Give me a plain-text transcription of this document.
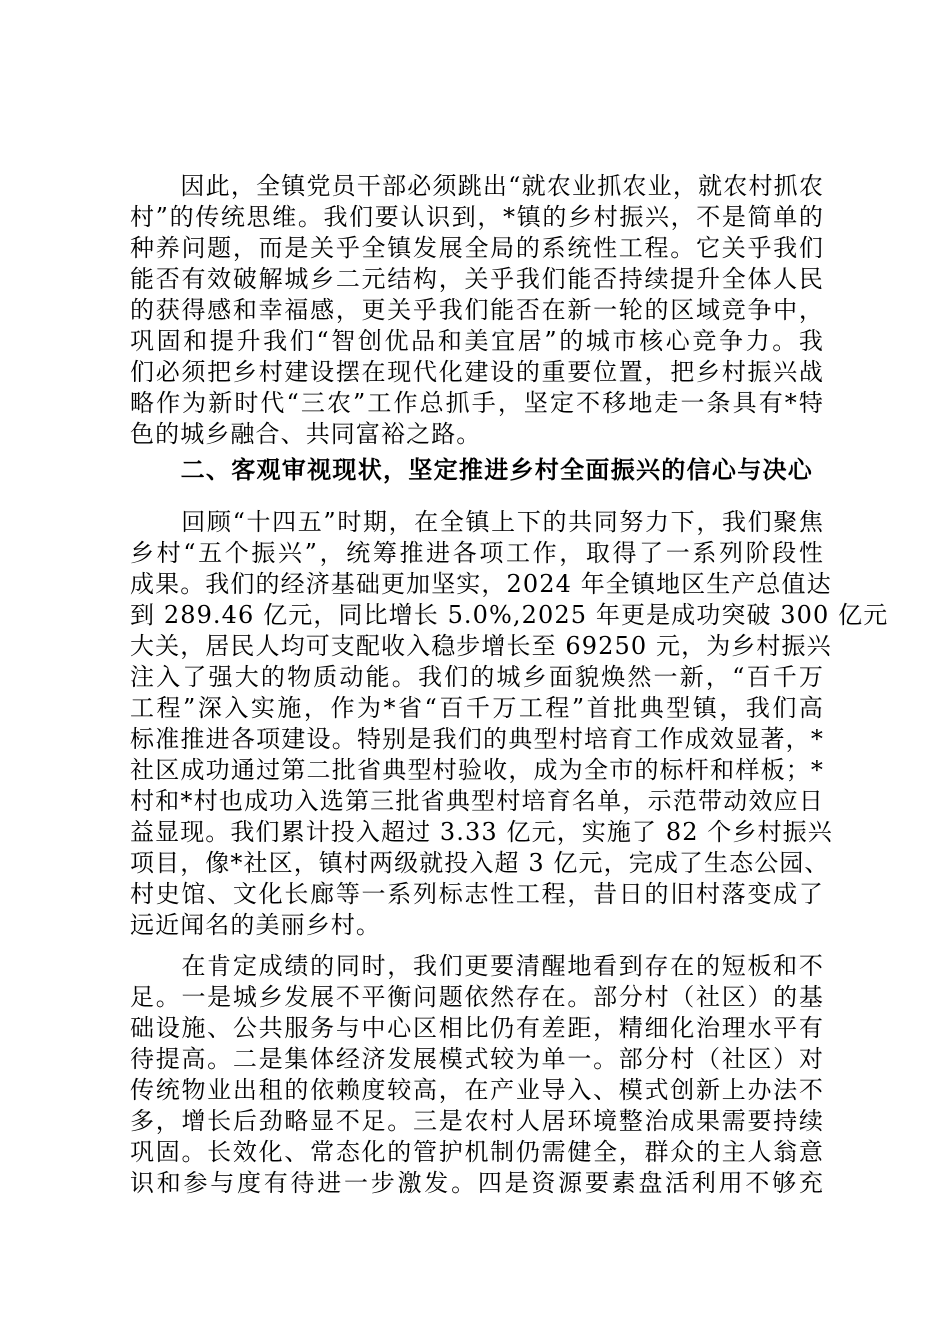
　　因此，全镇党员干部必须跳出“就农业抓农业，就农村抓农
村”的传统思维。我们要认识到，*镇的乡村振兴，不是简单的
种养问题，而是关乎全镇发展全局的系统性工程。它关乎我们
能否有效破解城乡二元结构，关乎我们能否持续提升全体人民
的获得感和幸福感，更关乎我们能否在新一轮的区域竞争中，
巩固和提升我们“智创优品和美宜居”的城市核心竞争力。我
们必须把乡村建设摆在现代化建设的重要位置，把乡村振兴战
略作为新时代“三农”工作总抓手，坚定不移地走一条具有*特
色的城乡融合、共同富裕之路。
　　二、客观审视现状，坚定推进乡村全面振兴的信心与决心
　　回顾“十四五”时期，在全镇上下的共同努力下，我们聚焦
乡村“五个振兴”，统筹推进各项工作，取得了一系列阶段性
成果。我们的经济基础更加坚实，2024 年全镇地区生产总值达
到 289.46 亿元，同比增长 5.0%,2025 年更是成功突破 300 亿元
大关，居民人均可支配收入稳步增长至 69250 元，为乡村振兴
注入了强大的物质动能。我们的城乡面貌焕然一新，“百千万
工程”深入实施，作为*省“百千万工程”首批典型镇，我们高
标准推进各项建设。特别是我们的典型村培育工作成效显著，*
社区成功通过第二批省典型村验收，成为全市的标杆和样板；*
村和*村也成功入选第三批省典型村培育名单，示范带动效应日
益显现。我们累计投入超过 3.33 亿元，实施了 82 个乡村振兴
项目，像*社区，镇村两级就投入超 3 亿元，完成了生态公园、
村史馆、文化长廊等一系列标志性工程，昔日的旧村落变成了
远近闻名的美丽乡村。
　　在肯定成绩的同时，我们更要清醒地看到存在的短板和不
足。一是城乡发展不平衡问题依然存在。部分村（社区）的基
础设施、公共服务与中心区相比仍有差距，精细化治理水平有
待提高。二是集体经济发展模式较为单一。部分村（社区）对
传统物业出租的依赖度较高，在产业导入、模式创新上办法不
多，增长后劲略显不足。三是农村人居环境整治成果需要持续
巩固。长效化、常态化的管护机制仍需健全，群众的主人翁意
识和参与度有待进一步激发。四是资源要素盘活利用不够充
